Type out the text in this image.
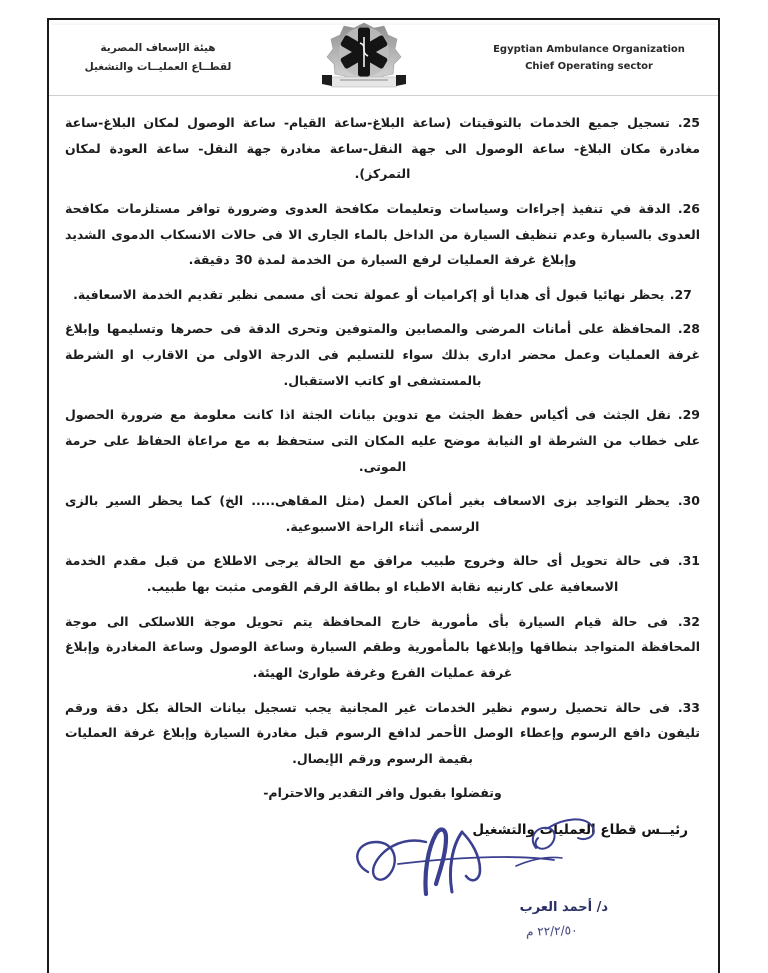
Egyptian Ambulance Organization
Chief Operating sector
هيئة الإسعاف المصرية
لقطــاع العمليــات والتشغيل

25. تسجيل جميع الخدمات بالتوقيتات (ساعة البلاغ-ساعة القيام- ساعة الوصول لمكان البلاغ-ساعة مغادرة مكان البلاغ- ساعة الوصول الى جهة النقل-ساعة مغادرة جهة النقل- ساعة العودة لمكان التمركز).

26. الدقة في تنفيذ إجراءات وسياسات وتعليمات مكافحة العدوى وضرورة توافر مستلزمات مكافحة العدوى بالسيارة وعدم تنظيف السيارة من الداخل بالماء الجارى الا فى حالات الانسكاب الدموى الشديد وإبلاغ غرفة العمليات لرفع السيارة من الخدمة لمدة 30 دقيقة.

27. يحظر نهائيا قبول أى هدايا أو إكراميات أو عمولة تحت أى مسمى نظير تقديم الخدمة الاسعافية.

28. المحافظة على أمانات المرضى والمصابين والمتوفين وتحرى الدقة فى حصرها وتسليمها وإبلاغ غرفة العمليات وعمل محضر ادارى بذلك سواء للتسليم فى الدرجة الاولى من الاقارب او الشرطة بالمستشفى او كاتب الاستقبال.

29. نقل الجثث فى أكياس حفظ الجثث مع تدوين بيانات الجثة اذا كانت معلومة مع ضرورة الحصول على خطاب من الشرطة او النيابة موضح عليه المكان التى ستحفظ به مع مراعاة الحفاظ على حرمة الموتى.

30. يحظر التواجد بزى الاسعاف بغير أماكن العمل (مثل المقاهى..... الخ) كما يحظر السير بالزى الرسمى أثناء الراحة الاسبوعية.

31. فى حالة تحويل أى حالة وخروج طبيب مرافق مع الحالة يرجى الاطلاع من قبل مقدم الخدمة الاسعافية على كارنيه نقابة الاطباء او بطاقة الرقم القومى مثبت بها طبيب.

32. فى حالة قيام السيارة بأى مأمورية خارج المحافظة يتم تحويل موجة اللاسلكى الى موجة المحافظة المتواجد بنطاقها وإبلاغها بالمأمورية وطقم السيارة وساعة الوصول وساعة المغادرة وإبلاغ غرفة عمليات الفرع وغرفة طوارئ الهيئة.

33. فى حالة تحصيل رسوم نظير الخدمات غير المجانية يجب تسجيل بيانات الحالة بكل دقة ورقم تليفون دافع الرسوم وإعطاء الوصل الأحمر لدافع الرسوم قبل مغادرة السيارة وإبلاغ غرفة العمليات بقيمة الرسوم ورقم الإيصال.

وتفضلوا بقبول وافر التقدير والاحترام-
رئيــس قطاع العمليات والتشغيل
د/ أحمد العرب
٢٢/٢/٥٠ م
